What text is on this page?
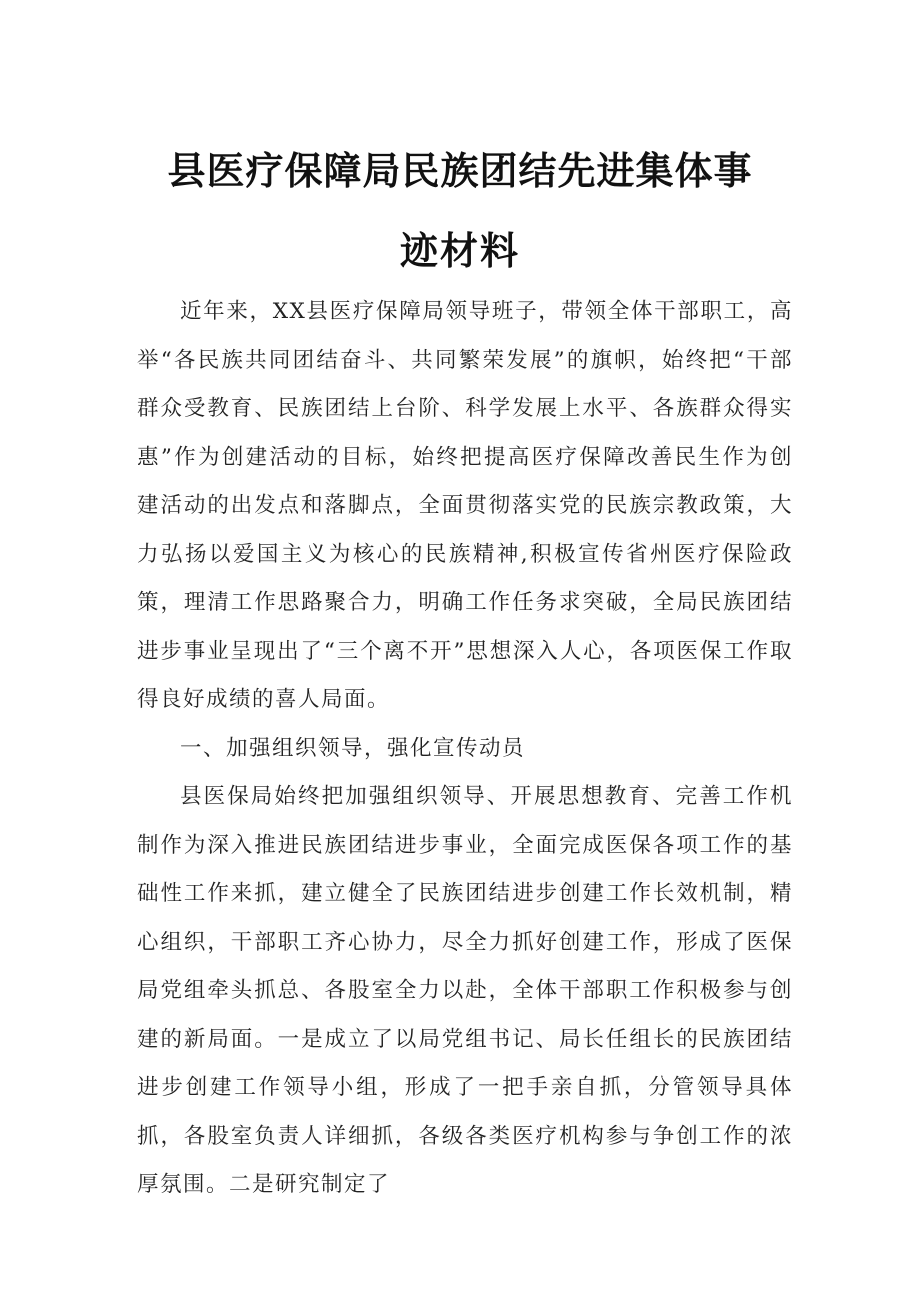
县医疗保障局民族团结先进集体事
迹材料

近年来，XX县医疗保障局领导班子，带领全体干部职工，高举“各民族共同团结奋斗、共同繁荣发展”的旗帜，始终把“干部群众受教育、民族团结上台阶、科学发展上水平、各族群众得实惠”作为创建活动的目标，始终把提高医疗保障改善民生作为创建活动的出发点和落脚点，全面贯彻落实党的民族宗教政策，大力弘扬以爱国主义为核心的民族精神,积极宣传省州医疗保险政策，理清工作思路聚合力，明确工作任务求突破，全局民族团结进步事业呈现出了“三个离不开”思想深入人心，各项医保工作取得良好成绩的喜人局面。

一、加强组织领导，强化宣传动员

县医保局始终把加强组织领导、开展思想教育、完善工作机制作为深入推进民族团结进步事业，全面完成医保各项工作的基础性工作来抓，建立健全了民族团结进步创建工作长效机制，精心组织，干部职工齐心协力，尽全力抓好创建工作，形成了医保局党组牵头抓总、各股室全力以赴，全体干部职工作积极参与创建的新局面。一是成立了以局党组书记、局长任组长的民族团结进步创建工作领导小组，形成了一把手亲自抓，分管领导具体抓，各股室负责人详细抓，各级各类医疗机构参与争创工作的浓厚氛围。二是研究制定了
